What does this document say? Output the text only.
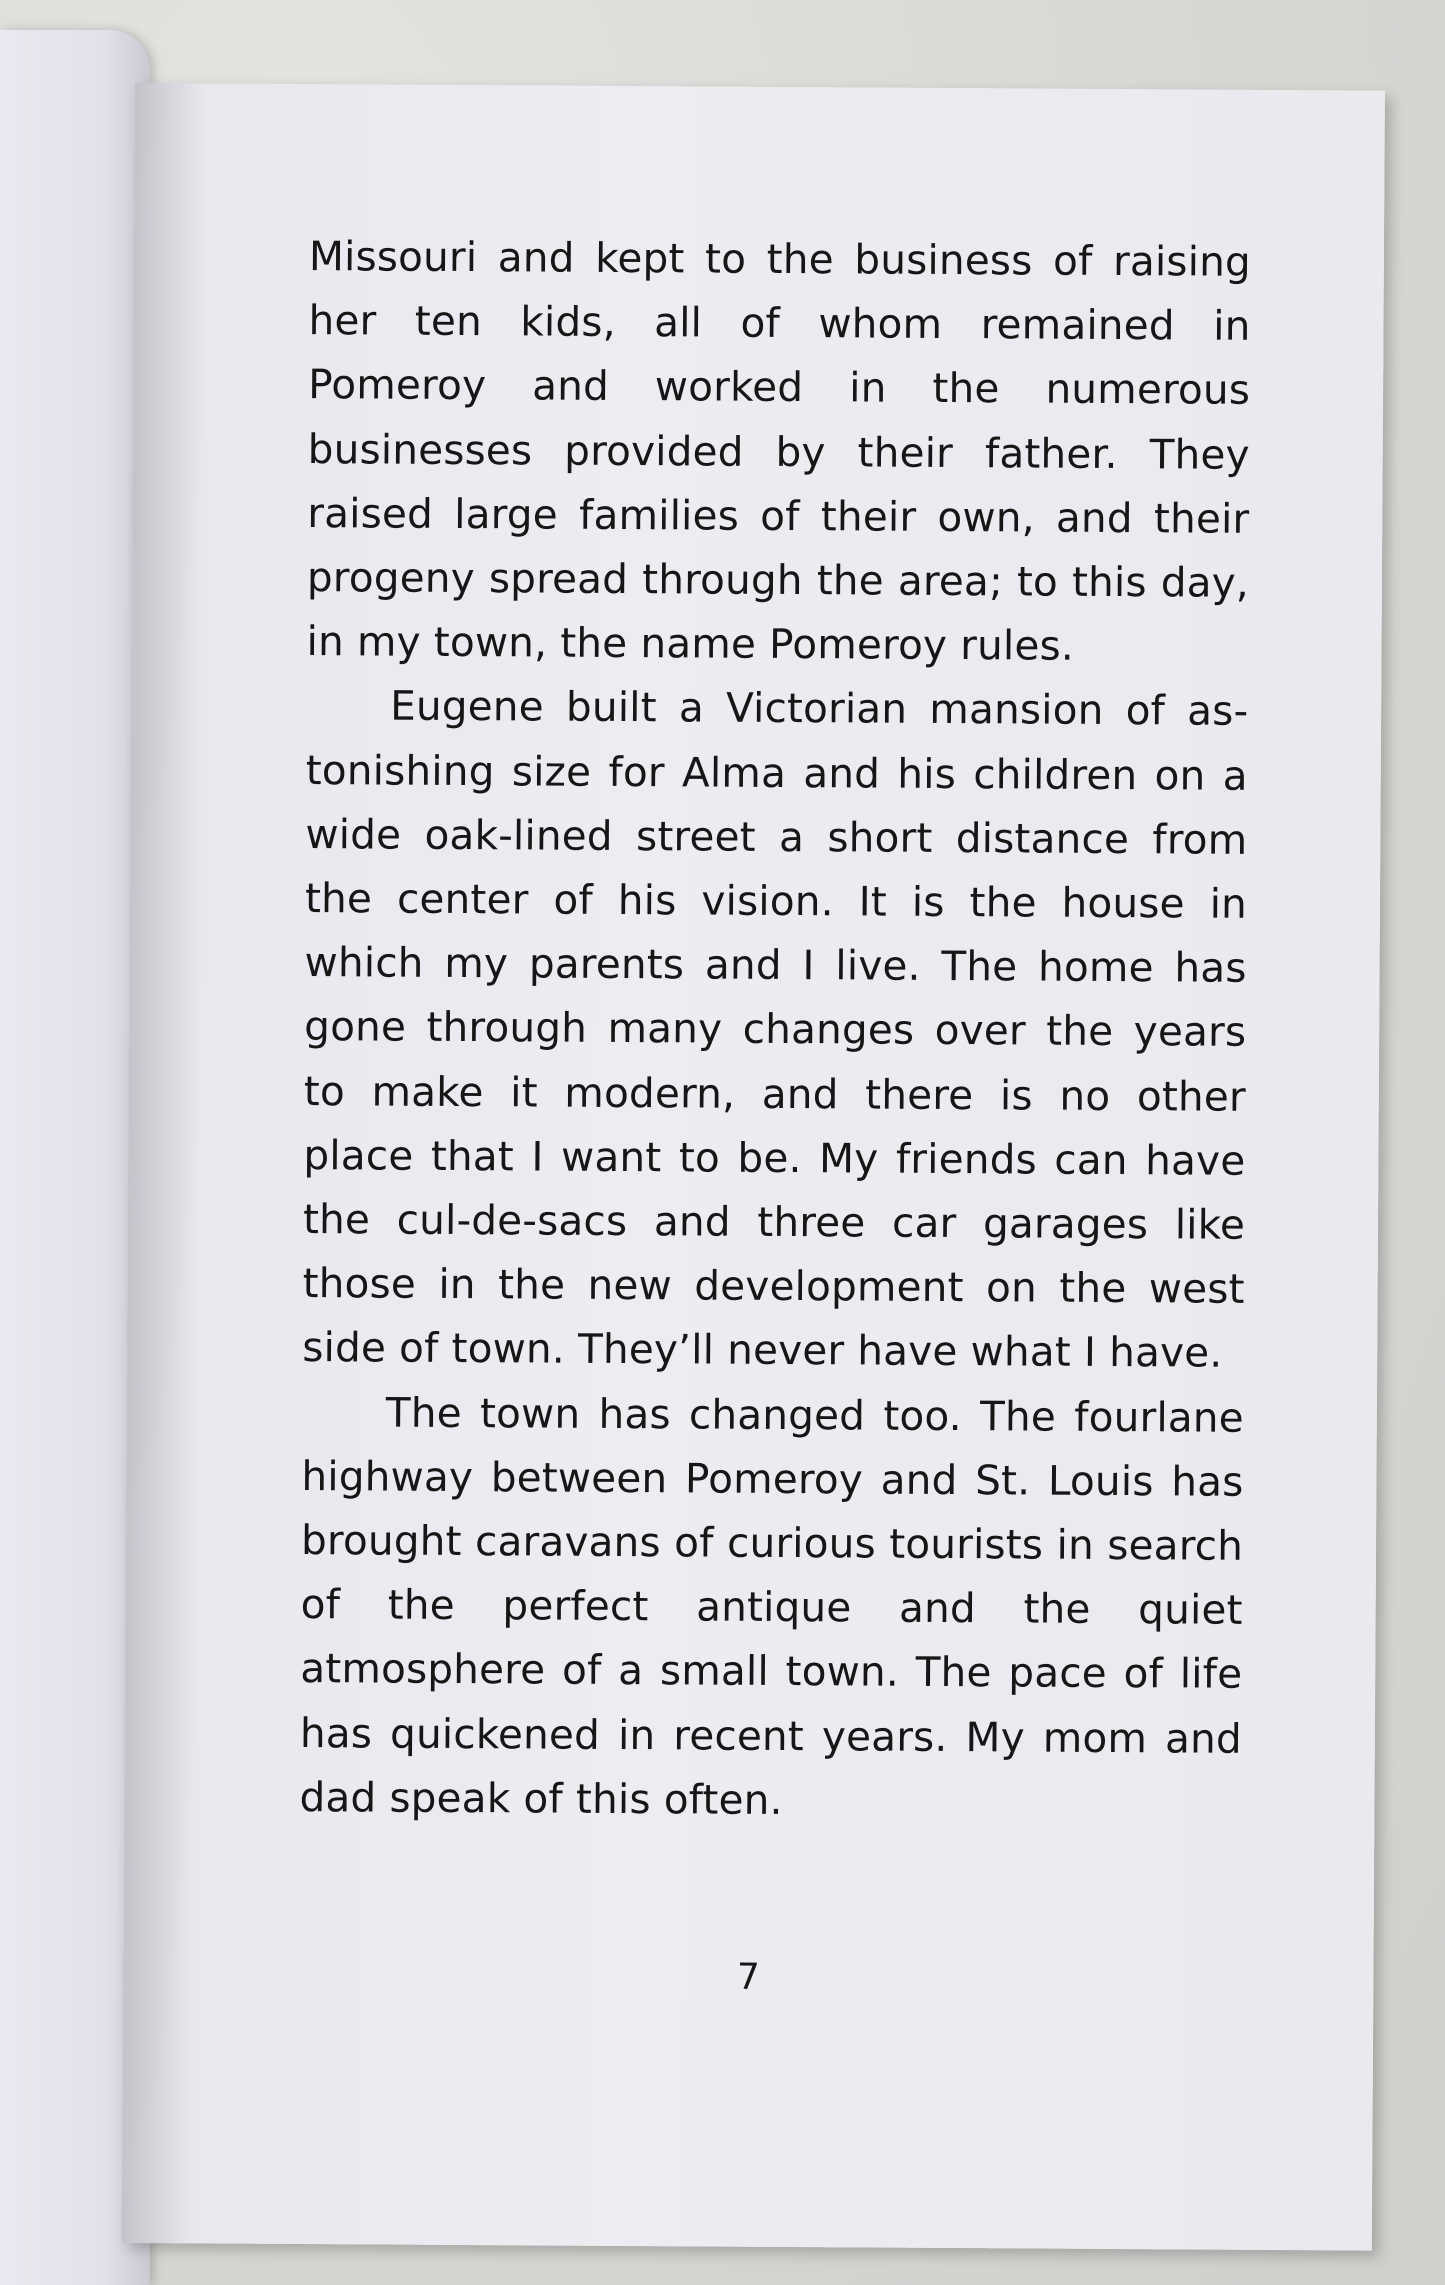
Missouri and kept to the business of raising her ten kids, all of whom remained in Pomeroy and worked in the numerous businesses provided by their father. They raised large families of their own, and their progeny spread through the area; to this day, in my town, the name Pomeroy rules.

Eugene built a Victorian mansion of astonishing size for Alma and his children on a wide oak-lined street a short distance from the center of his vision. It is the house in which my parents and I live. The home has gone through many changes over the years to make it modern, and there is no other place that I want to be. My friends can have the cul-de-sacs and three car garages like those in the new development on the west side of town. They’ll never have what I have.

The town has changed too. The fourlane highway between Pomeroy and St. Louis has brought caravans of curious tourists in search of the perfect antique and the quiet atmosphere of a small town. The pace of life has quickened in recent years. My mom and dad speak of this often.

7
